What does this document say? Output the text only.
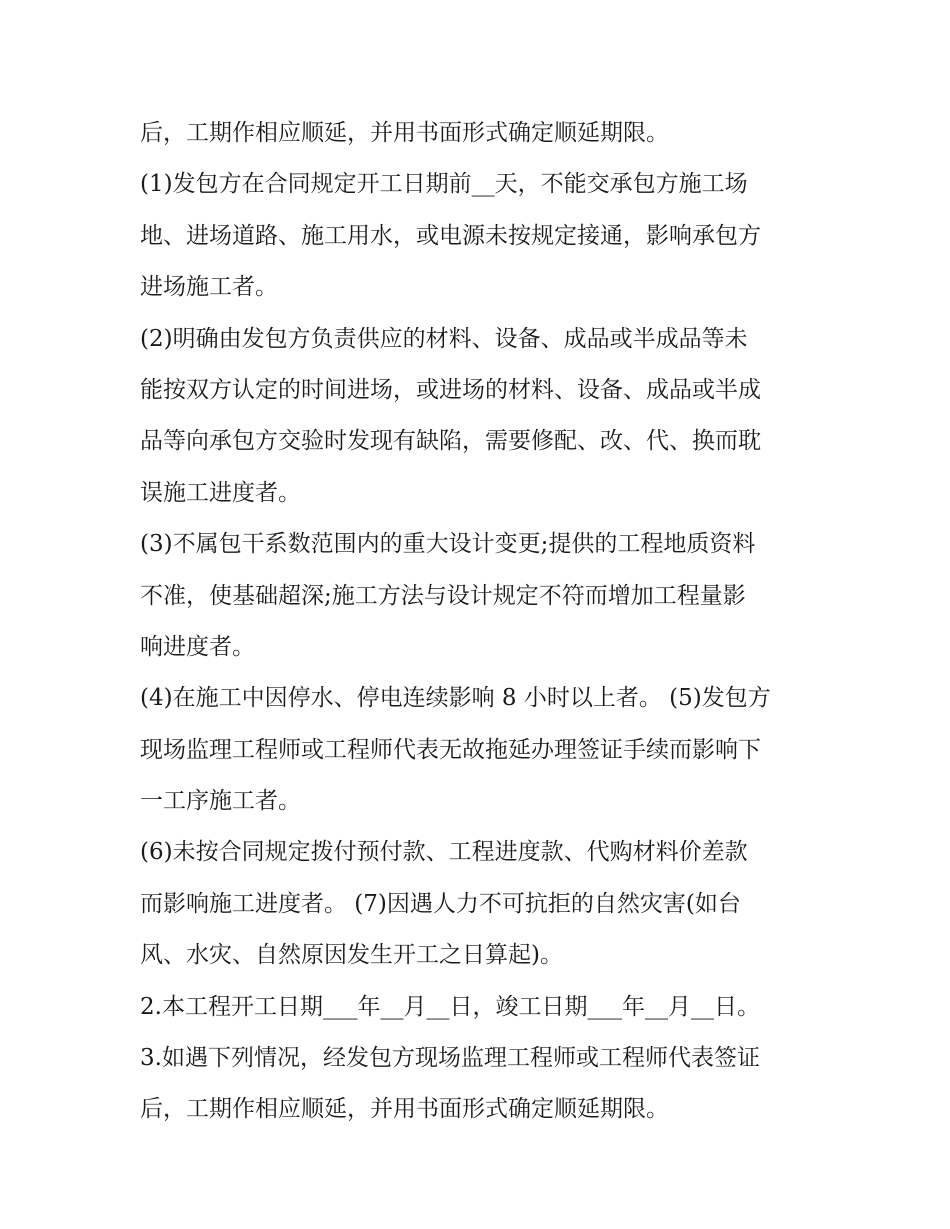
后，工期作相应顺延，并用书面形式确定顺延期限。
(1)发包方在合同规定开工日期前__天，不能交承包方施工场
地、进场道路、施工用水，或电源未按规定接通，影响承包方
进场施工者。
(2)明确由发包方负责供应的材料、设备、成品或半成品等未
能按双方认定的时间进场，或进场的材料、设备、成品或半成
品等向承包方交验时发现有缺陷，需要修配、改、代、换而耽
误施工进度者。
(3)不属包干系数范围内的重大设计变更;提供的工程地质资料
不准，使基础超深;施工方法与设计规定不符而增加工程量影
响进度者。
(4)在施工中因停水、停电连续影响 8 小时以上者。 (5)发包方
现场监理工程师或工程师代表无故拖延办理签证手续而影响下
一工序施工者。
(6)未按合同规定拨付预付款、工程进度款、代购材料价差款
而影响施工进度者。 (7)因遇人力不可抗拒的自然灾害(如台
风、水灾、自然原因发生开工之日算起)。
2.本工程开工日期___年__月__日，竣工日期___年__月__日。
3.如遇下列情况，经发包方现场监理工程师或工程师代表签证
后，工期作相应顺延，并用书面形式确定顺延期限。
